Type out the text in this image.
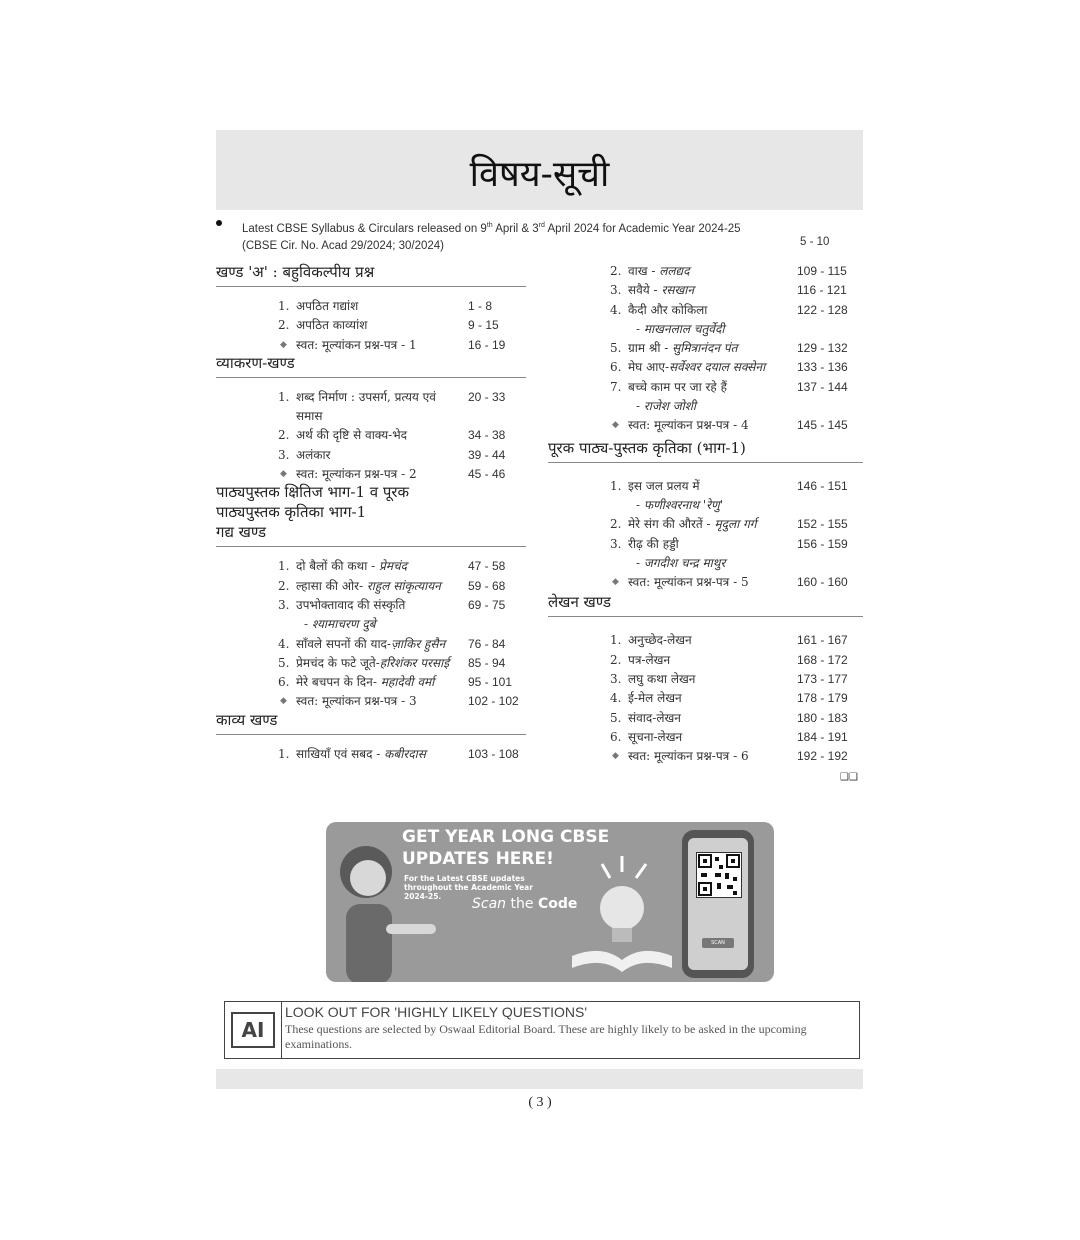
विषय-सूची
Latest CBSE Syllabus & Circulars released on 9th April & 3rd April 2024 for Academic Year 2024-25
(CBSE Cir. No. Acad 29/2024; 30/2024)	5 - 10
खण्ड 'अ' : बहुविकल्पीय प्रश्न
1. अपठित गद्यांश	1 - 8
2. अपठित काव्यांश	9 - 15
◆ स्वत: मूल्यांकन प्रश्न-पत्र - 1	16 - 19
व्याकरण-खण्ड
1. शब्द निर्माण : उपसर्ग, प्रत्यय एवं	20 - 33
समास
2. अर्थ की दृष्टि से वाक्य-भेद	34 - 38
3. अलंकार	39 - 44
◆ स्वत: मूल्यांकन प्रश्न-पत्र - 2	45 - 46
पाठ्यपुस्तक क्षितिज भाग-1 व पूरक
पाठ्यपुस्तक कृतिका भाग-1
गद्य खण्ड
1. दो बैलों की कथा - प्रेमचंद	47 - 58
2. ल्हासा की ओर- राहुल सांकृत्यायन 59 - 68
3. उपभोक्तावाद की संस्कृति	69 - 75
- श्यामाचरण दुबे
4. साँवले सपनों की याद-ज़ाकिर हुसैन 76 - 84
5. प्रेमचंद के फटे जूते-हरिशंकर परसाई 85 - 94
6. मेरे बचपन के दिन- महादेवी वर्मा	95 - 101
◆ स्वत: मूल्यांकन प्रश्न-पत्र - 3	102 - 102
काव्य खण्ड
1. साखियाँ एवं सबद - कबीरदास	103 - 108
2. वाख - ललद्यद	109 - 115
3. सवैये - रसखान	116 - 121
4. कैदी और कोकिला	122 - 128
- माखनलाल चतुर्वेदी
5. ग्राम श्री - सुमित्रानंदन पंत	129 - 132
6. मेघ आए-सर्वेश्वर दयाल सक्सेना	133 - 136
7. बच्चे काम पर जा रहे हैं	137 - 144
- राजेश जोशी
◆ स्वत: मूल्यांकन प्रश्न-पत्र - 4	145 - 145
पूरक पाठ्य-पुस्तक कृतिका (भाग-1)
1. इस जल प्रलय में	146 - 151
- फणीश्वरनाथ 'रेणु'
2. मेरे संग की औरतें - मृदुला गर्ग	152 - 155
3. रीढ़ की हड्डी	156 - 159
- जगदीश चन्द्र माथुर
◆ स्वत: मूल्यांकन प्रश्न-पत्र - 5	160 - 160
लेखन खण्ड
1. अनुच्छेद-लेखन	161 - 167
2. पत्र-लेखन	168 - 172
3. लघु कथा लेखन	173 - 177
4. ई-मेल लेखन	178 - 179
5. संवाद-लेखन	180 - 183
6. सूचना-लेखन	184 - 191
◆ स्वत: मूल्यांकन प्रश्न-पत्र - 6	192 - 192
❑❑
GET YEAR LONG CBSE UPDATES HERE!
For the Latest CBSE updates throughout the Academic Year 2024-25.	Scan the Code
SCAN
AI
LOOK OUT FOR 'HIGHLY LIKELY QUESTIONS'
These questions are selected by Oswaal Editorial Board. These are highly likely to be asked in the upcoming examinations.
( 3 )
